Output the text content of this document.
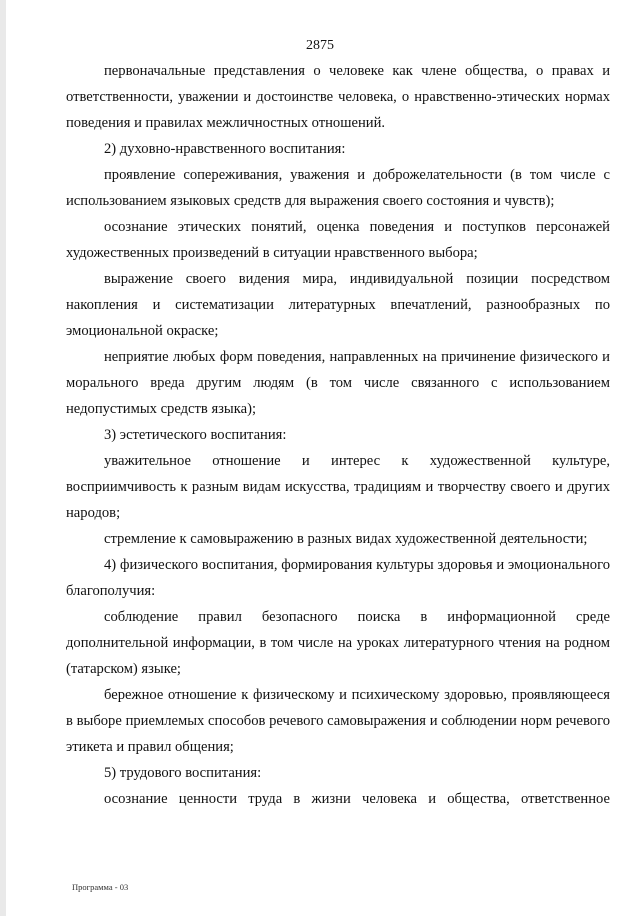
2875

первоначальные представления о человеке как члене общества, о правах и ответственности, уважении и достоинстве человека, о нравственно-этических нормах поведения и правилах межличностных отношений.

2) духовно-нравственного воспитания:

проявление сопереживания, уважения и доброжелательности (в том числе с использованием языковых средств для выражения своего состояния и чувств);

осознание этических понятий, оценка поведения и поступков персонажей художественных произведений в ситуации нравственного выбора;

выражение своего видения мира, индивидуальной позиции посредством накопления и систематизации литературных впечатлений, разнообразных по эмоциональной окраске;

неприятие любых форм поведения, направленных на причинение физического и морального вреда другим людям (в том числе связанного с использованием недопустимых средств языка);

3) эстетического воспитания:

уважительное отношение и интерес к художественной культуре, восприимчивость к разным видам искусства, традициям и творчеству своего и других народов;

стремление к самовыражению в разных видах художественной деятельности;

4) физического воспитания, формирования культуры здоровья и эмоционального благополучия:

соблюдение правил безопасного поиска в информационной среде дополнительной информации, в том числе на уроках литературного чтения на родном (татарском) языке;

бережное отношение к физическому и психическому здоровью, проявляющееся в выборе приемлемых способов речевого самовыражения и соблюдении норм речевого этикета и правил общения;

5) трудового воспитания:

осознание ценности труда в жизни человека и общества, ответственное

Программа - 03
